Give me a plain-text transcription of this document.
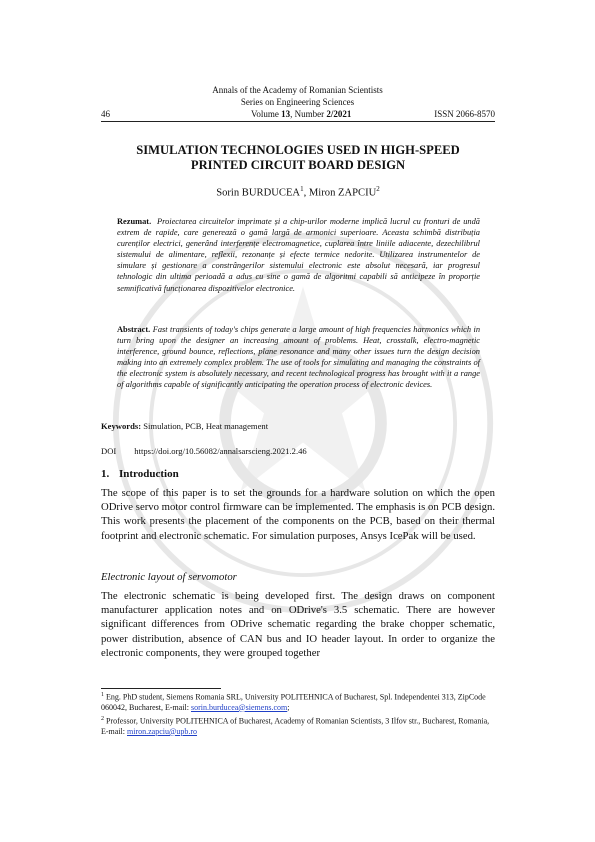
Annals of the Academy of Romanian Scientists
Series on Engineering Sciences
46	Volume 13, Number 2/2021	ISSN 2066-8570
SIMULATION TECHNOLOGIES USED IN HIGH-SPEED
PRINTED CIRCUIT BOARD DESIGN
Sorin BURDUCEA$^1$, Miron ZAPCIU$^2$
Rezumat. Proiectarea circuitelor imprimate și a chip-urilor moderne implică lucrul cu fronturi de undă extrem de rapide, care generează o gamă largă de armonici superioare. Aceasta schimbă distribuția curenților electrici, generând interferențe electromagnetice, cuplarea între liniile adiacente, dezechilibrul sistemului de alimentare, reflexii, rezonanțe și efecte termice nedorite. Utilizarea instrumentelor de simulare și gestionare a constrângerilor sistemului electronic este absolut necesară, iar progresul tehnologic din ultima perioadă a adus cu sine o gamă de algoritmi capabili să anticipeze în proporție semnificativă funcționarea dispozitivelor electronice.
Abstract. Fast transients of today's chips generate a large amount of high frequencies harmonics which in turn bring upon the designer an increasing amount of problems. Heat, crosstalk, electro-magnetic interference, ground bounce, reflections, plane resonance and many other issues turn the design decision making into an extremely complex problem. The use of tools for simulating and managing the constraints of the electronic system is absolutely necessary, and recent technological progress has brought with it a range of algorithms capable of significantly anticipating the operation process of electronic devices.
Keywords: Simulation, PCB, Heat management
DOI https://doi.org/10.56082/annalsarscieng.2021.2.46
1. Introduction
The scope of this paper is to set the grounds for a hardware solution on which the open ODrive servo motor control firmware can be implemented. The emphasis is on PCB design. This work presents the placement of the components on the PCB, based on their thermal footprint and electronic schematic. For simulation purposes, Ansys IcePak will be used.
Electronic layout of servomotor
The electronic schematic is being developed first. The design draws on component manufacturer application notes and on ODrive's 3.5 schematic. There are however significant differences from ODrive schematic regarding the brake chopper schematic, power distribution, absence of CAN bus and IO header layout. In order to organize the electronic components, they were grouped together
$^1$ Eng. PhD student, Siemens Romania SRL, University POLITEHNICA of Bucharest, Spl. Independentei 313, ZipCode 060042, Bucharest, E-mail: sorin.burducea@siemens.com;
$^2$ Professor, University POLITEHNICA of Bucharest, Academy of Romanian Scientists, 3 Ilfov str., Bucharest, Romania, E-mail: miron.zapciu@upb.ro
